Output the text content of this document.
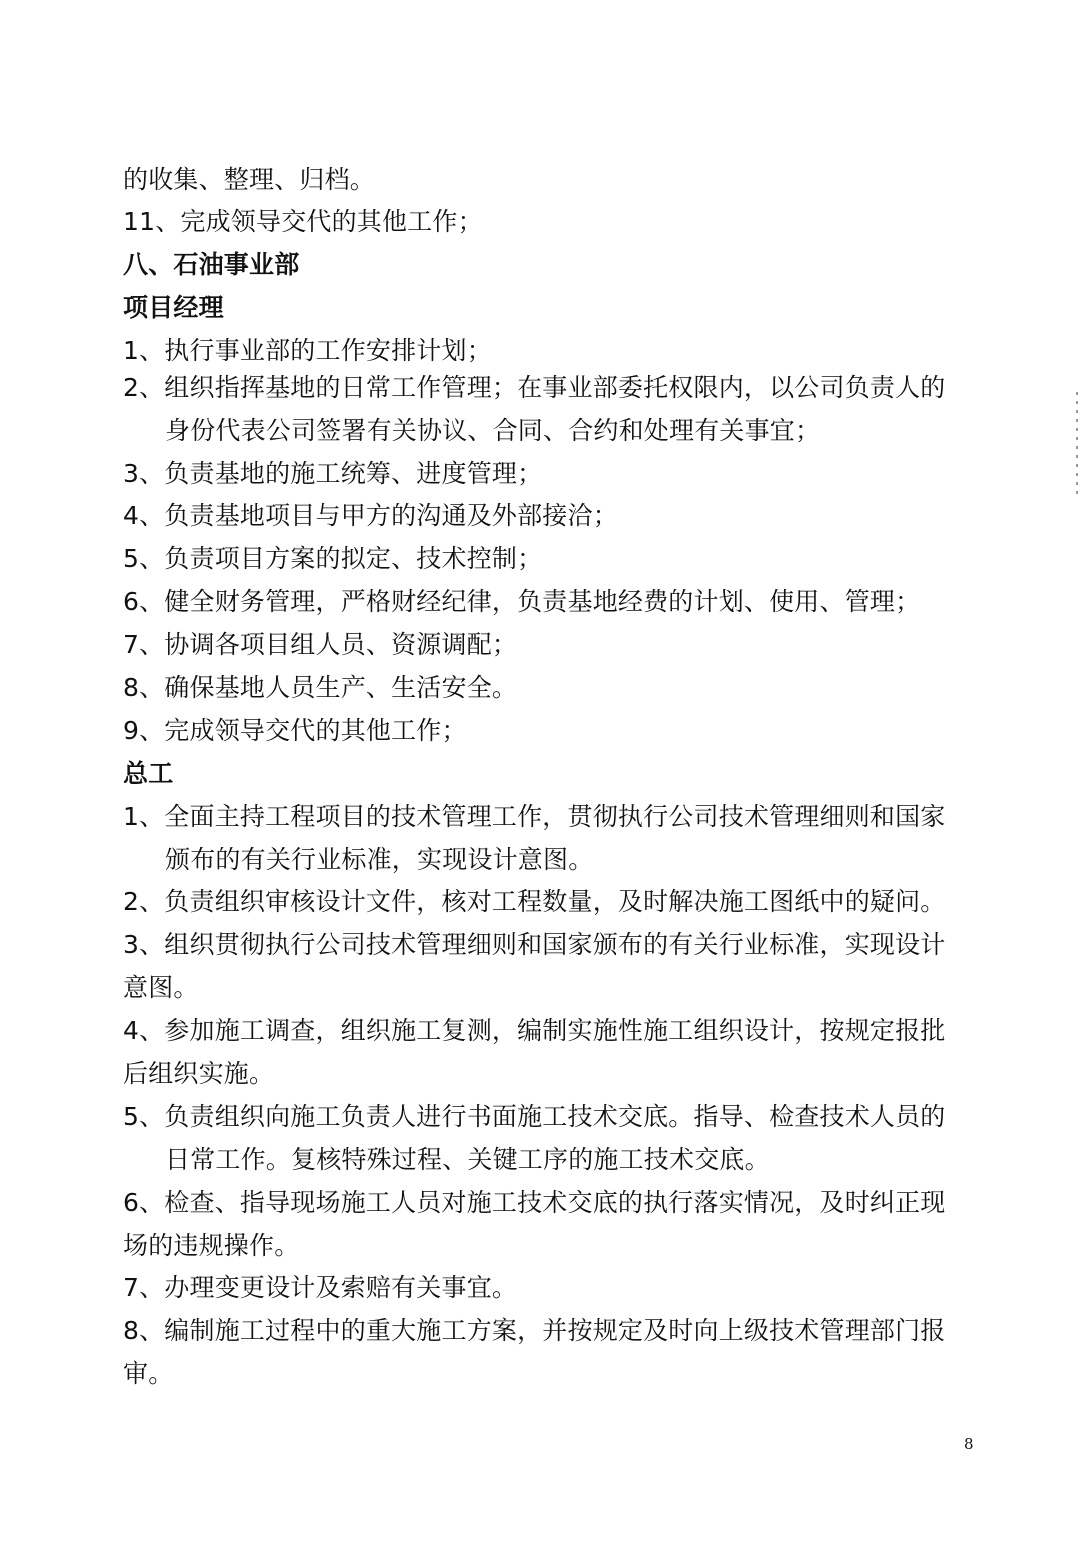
的收集、整理、归档。
11、完成领导交代的其他工作；
八、石油事业部
项目经理
1、执行事业部的工作安排计划；
2、组织指挥基地的日常工作管理；在事业部委托权限内，以公司负责人的
身份代表公司签署有关协议、合同、合约和处理有关事宜；
3、负责基地的施工统筹、进度管理；
4、负责基地项目与甲方的沟通及外部接洽；
5、负责项目方案的拟定、技术控制；
6、健全财务管理，严格财经纪律，负责基地经费的计划、使用、管理；
7、协调各项目组人员、资源调配；
8、确保基地人员生产、生活安全。
9、完成领导交代的其他工作；
总工
1、全面主持工程项目的技术管理工作，贯彻执行公司技术管理细则和国家
颁布的有关行业标准，实现设计意图。
2、负责组织审核设计文件，核对工程数量，及时解决施工图纸中的疑问。
3、组织贯彻执行公司技术管理细则和国家颁布的有关行业标准，实现设计
意图。
4、参加施工调查，组织施工复测，编制实施性施工组织设计，按规定报批
后组织实施。
5、负责组织向施工负责人进行书面施工技术交底。指导、检查技术人员的
日常工作。复核特殊过程、关键工序的施工技术交底。
6、检查、指导现场施工人员对施工技术交底的执行落实情况，及时纠正现
场的违规操作。
7、办理变更设计及索赔有关事宜。
8、编制施工过程中的重大施工方案，并按规定及时向上级技术管理部门报
审。
8
